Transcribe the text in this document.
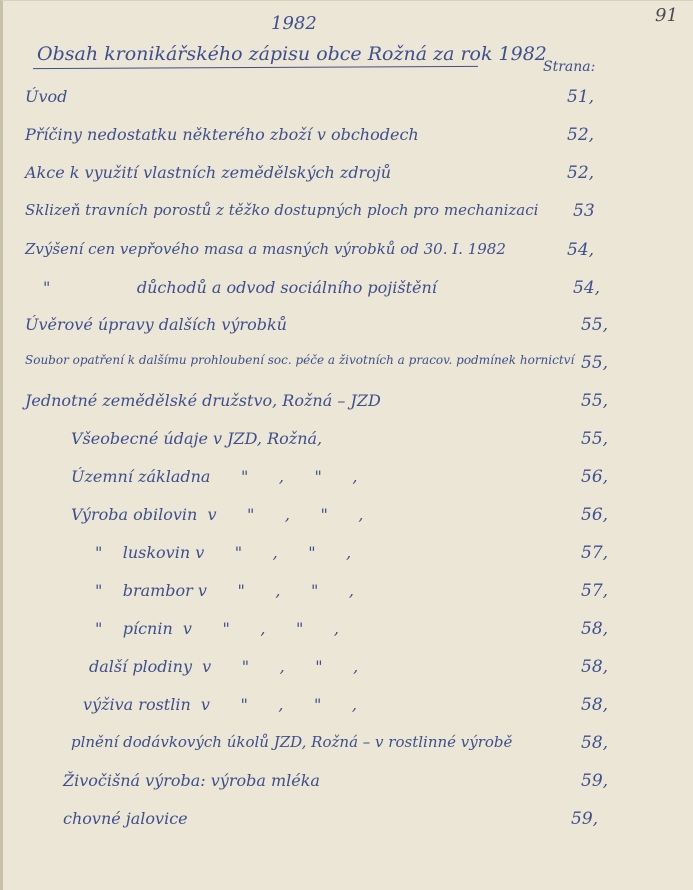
1982	91
Obsah kronikářského zápisu obce Rožná za rok 1982
Strana:
Úvod	51,
Příčiny nedostatku některého zboží v obchodech	52,
Akce k využití vlastních zemědělských zdrojů	52,
Sklizeň travních porostů z těžko dostupných ploch pro mechanizaci 53
Zvýšení cen vepřového masa a masných výrobků od 30. I. 1982	54,
"                 důchodů a odvod sociálního pojištění	54,
Úvěrové úpravy dalších výrobků	55,
Soubor opatření k dalšímu prohloubení soc. péče a životních a pracov. podmínek hornictví 55,
Jednotné zemědělské družstvo, Rožná – JZD	55,
Všeobecné údaje v JZD, Rožná,	55,
Územní základna      "      ,      "      ,	56,
Výroba obilovin  v      "      ,      "      ,	56,
"    luskovin v      "      ,      "      ,	57,
"    brambor v      "      ,      "      ,	57,
"    pícnin  v      "      ,      "      ,	58,
další plodiny  v      "      ,      "      ,	58,
výživa rostlin  v      "      ,      "      ,	58,
plnění dodávkových úkolů JZD, Rožná – v rostlinné výrobě	58,
Živočišná výroba: výroba mléka	59,
chovné jalovice	59,
